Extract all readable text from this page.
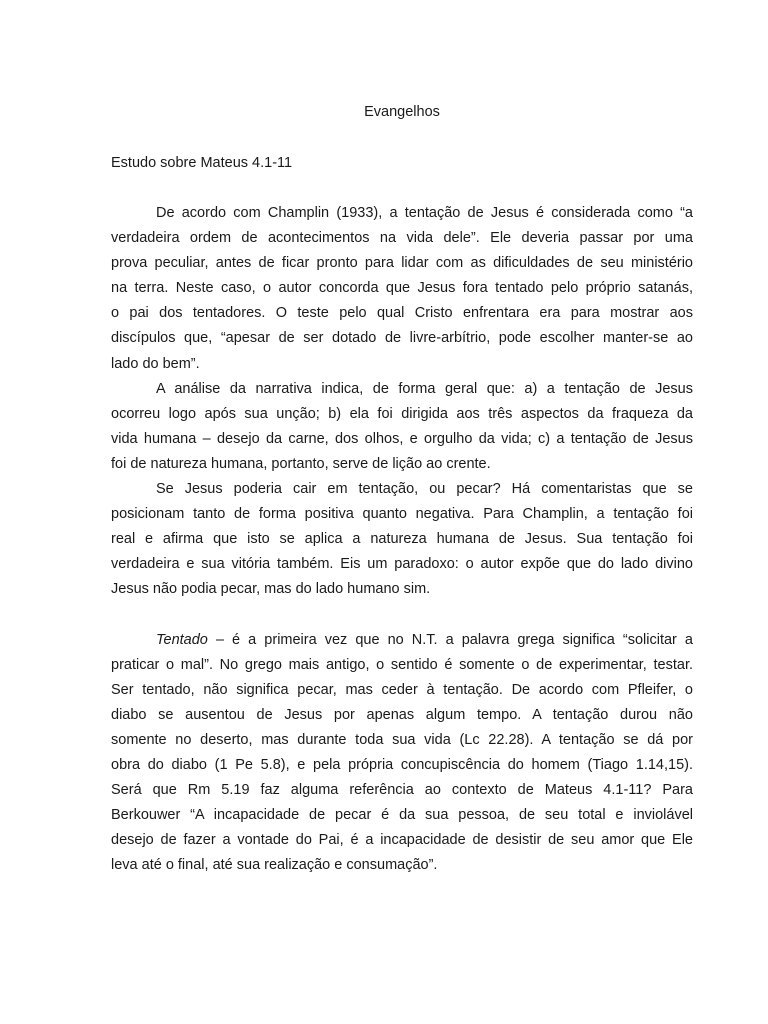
Evangelhos

Estudo sobre Mateus 4.1-11

De acordo com Champlin (1933), a tentação de Jesus é considerada como “a
verdadeira ordem de acontecimentos na vida dele”. Ele deveria passar por uma
prova peculiar, antes de ficar pronto para lidar com as dificuldades de seu ministério
na terra. Neste caso, o autor concorda que Jesus fora tentado pelo próprio satanás,
o pai dos tentadores. O teste pelo qual Cristo enfrentara era para mostrar aos
discípulos que, “apesar de ser dotado de livre-arbítrio, pode escolher manter-se ao
lado do bem”.

A análise da narrativa indica, de forma geral que: a) a tentação de Jesus
ocorreu logo após sua unção; b) ela foi dirigida aos três aspectos da fraqueza da
vida humana – desejo da carne, dos olhos, e orgulho da vida; c) a tentação de Jesus
foi de natureza humana, portanto, serve de lição ao crente.

Se Jesus poderia cair em tentação, ou pecar? Há comentaristas que se
posicionam tanto de forma positiva quanto negativa. Para Champlin, a tentação foi
real e afirma que isto se aplica a natureza humana de Jesus. Sua tentação foi
verdadeira e sua vitória também. Eis um paradoxo: o autor expõe que do lado divino
Jesus não podia pecar, mas do lado humano sim.

Tentado – é a primeira vez que no N.T. a palavra grega significa “solicitar a
praticar o mal”. No grego mais antigo, o sentido é somente o de experimentar, testar.
Ser tentado, não significa pecar, mas ceder à tentação. De acordo com Pfleifer, o
diabo se ausentou de Jesus por apenas algum tempo. A tentação durou não
somente no deserto, mas durante toda sua vida (Lc 22.28). A tentação se dá por
obra do diabo (1 Pe 5.8), e pela própria concupiscência do homem (Tiago 1.14,15).
Será que Rm 5.19 faz alguma referência ao contexto de Mateus 4.1-11? Para
Berkouwer “A incapacidade de pecar é da sua pessoa, de seu total e inviolável
desejo de fazer a vontade do Pai, é a incapacidade de desistir de seu amor que Ele
leva até o final, até sua realização e consumação”.
